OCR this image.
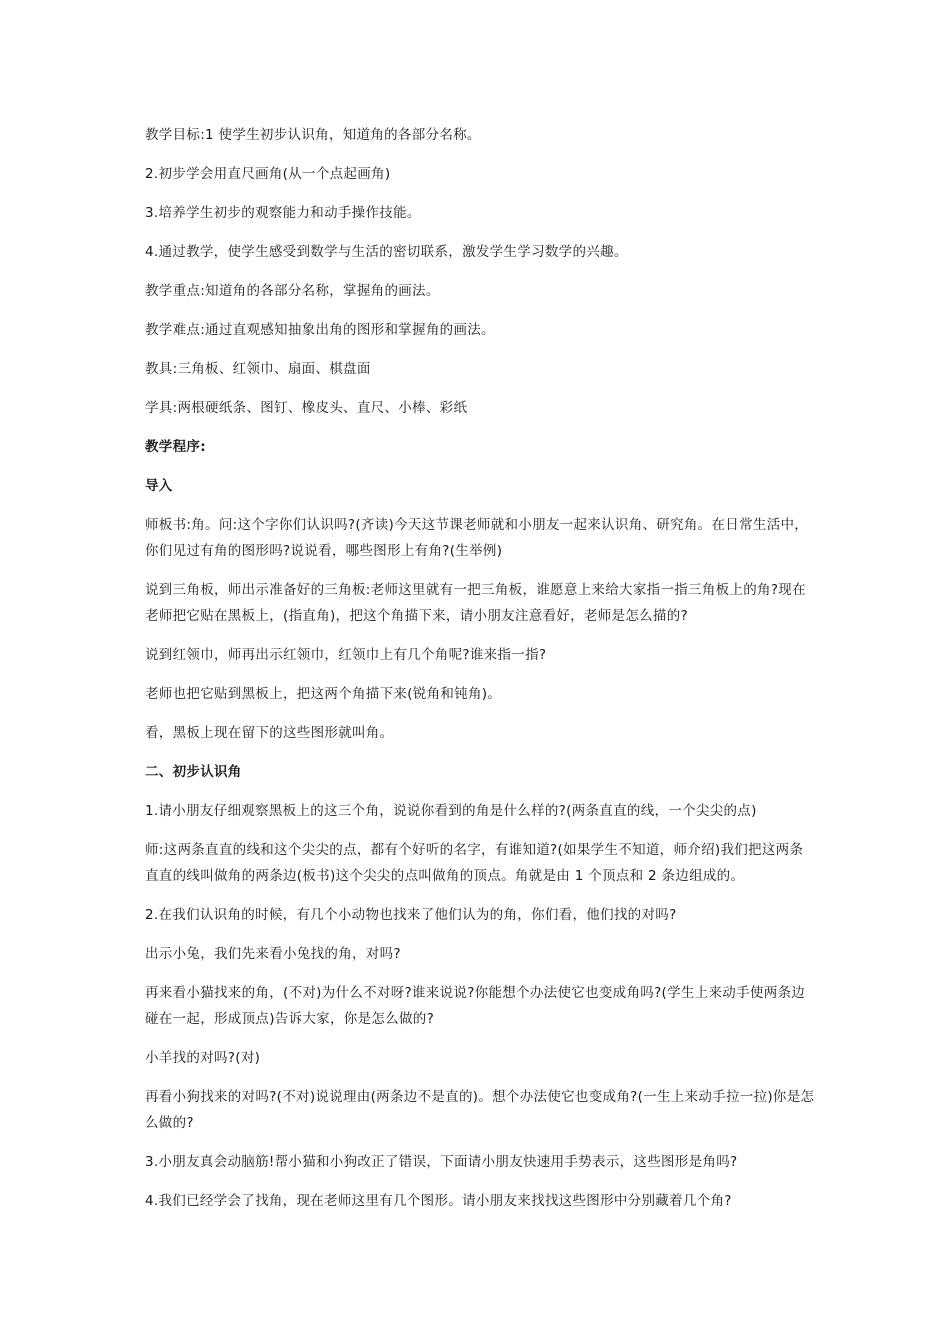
教学目标:1 使学生初步认识角，知道角的各部分名称。

2.初步学会用直尺画角(从一个点起画角)

3.培养学生初步的观察能力和动手操作技能。

4.通过教学，使学生感受到数学与生活的密切联系，激发学生学习数学的兴趣。

教学重点:知道角的各部分名称，掌握角的画法。

教学难点:通过直观感知抽象出角的图形和掌握角的画法。

教具:三角板、红领巾、扇面、棋盘面

学具:两根硬纸条、图钉、橡皮头、直尺、小棒、彩纸

教学程序:

导入

师板书:角。问:这个字你们认识吗?(齐读)今天这节课老师就和小朋友一起来认识角、研究角。在日常生活中，你们见过有角的图形吗?说说看，哪些图形上有角?(生举例)

说到三角板，师出示准备好的三角板:老师这里就有一把三角板，谁愿意上来给大家指一指三角板上的角?现在老师把它贴在黑板上，(指直角)，把这个角描下来，请小朋友注意看好，老师是怎么描的?

说到红领巾，师再出示红领巾，红领巾上有几个角呢?谁来指一指?

老师也把它贴到黑板上，把这两个角描下来(锐角和钝角)。

看，黑板上现在留下的这些图形就叫角。

二、初步认识角

1.请小朋友仔细观察黑板上的这三个角，说说你看到的角是什么样的?(两条直直的线，一个尖尖的点)

师:这两条直直的线和这个尖尖的点，都有个好听的名字，有谁知道?(如果学生不知道，师介绍)我们把这两条直直的线叫做角的两条边(板书)这个尖尖的点叫做角的顶点。角就是由 1 个顶点和 2 条边组成的。

2.在我们认识角的时候，有几个小动物也找来了他们认为的角，你们看，他们找的对吗?

出示小兔，我们先来看小兔找的角，对吗?

再来看小猫找来的角，(不对)为什么不对呀?谁来说说?你能想个办法使它也变成角吗?(学生上来动手使两条边碰在一起，形成顶点)告诉大家，你是怎么做的?

小羊找的对吗?(对)

再看小狗找来的对吗?(不对)说说理由(两条边不是直的)。想个办法使它也变成角?(一生上来动手拉一拉)你是怎么做的?

3.小朋友真会动脑筋!帮小猫和小狗改正了错误，下面请小朋友快速用手势表示，这些图形是角吗?

4.我们已经学会了找角，现在老师这里有几个图形。请小朋友来找找这些图形中分别藏着几个角?
